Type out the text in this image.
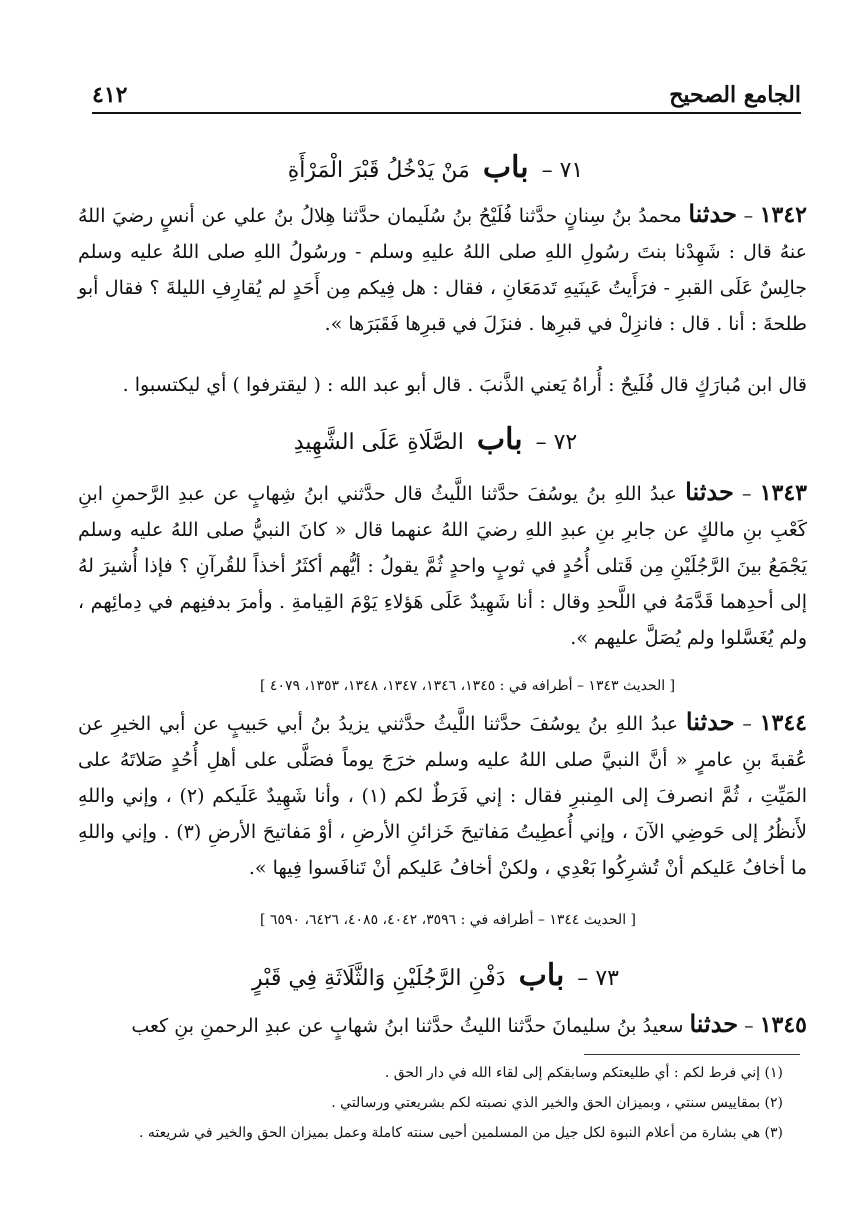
٤١٢	الجامع الصحيح
٧١ – باب مَنْ يَدْخُلُ قَبْرَ الْمَرْأَةِ
١٣٤٢ – حدثنا محمدُ بنُ سِنانٍ حدَّثنا فُلَيْحُ بنُ سُلَيمان حدَّثنا هِلالُ بنُ علي عن أنسٍ رضيَ اللهُ عنهُ قال : شَهِدْنا بنتَ رسُولِ اللهِ صلى اللهُ عليهِ وسلم - ورسُولُ اللهِ صلى اللهُ عليه وسلم جالِسٌ عَلَى القبرِ - فرَأَيتُ عَينَيهِ تَدمَعَانِ ، فقال : هل فِيكم مِن أَحَدٍ لم يُقارِفِ الليلةَ ؟ فقال أبو طلحةَ : أنا . قال : فانزِلْ في قبرِها . فنزَلَ في قبرِها فَقَبَرَها ».
قال ابن مُبارَكٍ قال فُلَيحٌ : أُراهُ يَعني الذَّنبَ . قال أبو عبد الله : ( ليقترفوا ) أي ليكتسبوا .
٧٢ – باب الصَّلَاةِ عَلَى الشَّهِيدِ
١٣٤٣ – حدثنا عبدُ اللهِ بنُ يوسُفَ حدَّثنا اللَّيثُ قال حدَّثني ابنُ شِهابٍ عن عبدِ الرَّحمنِ ابنِ كَعْبِ بنِ مالكٍ عن جابرِ بنِ عبدِ اللهِ رضيَ اللهُ عنهما قال « كانَ النبيُّ صلى اللهُ عليه وسلم يَجْمَعُ بينَ الرَّجُلَيْنِ مِن قَتلى أُحُدٍ في ثوبٍ واحدٍ ثُمَّ يقولُ : أيُّهم أكثَرُ أخذاً للقُرآنِ ؟ فإذا أُشيرَ لهُ إلى أحدِهما قَدَّمَهُ في اللَّحدِ وقال : أنا شَهِيدٌ عَلَى هَؤلاءِ يَوْمَ القِيامةِ . وأمرَ بدفنِهم في دِمائِهم ، ولم يُغَسَّلوا ولم يُصَلَّ عليهم ».
[ الحديث ١٣٤٣ – أطرافه في : ١٣٤٥، ١٣٤٦، ١٣٤٧، ١٣٤٨، ١٣٥٣، ٤٠٧٩ ]
١٣٤٤ – حدثنا عبدُ اللهِ بنُ يوسُفَ حدَّثنا اللَّيثُ حدَّثني يزيدُ بنُ أبي حَبيبٍ عن أبي الخيرِ عن عُقبةَ بنِ عامرٍ « أنَّ النبيَّ صلى اللهُ عليه وسلم خرَجَ يوماً فصَلَّى على أهلِ أُحُدٍ صَلاتَهُ على المَيِّتِ ، ثُمَّ انصرفَ إلى المِنبرِ فقال : إني فَرَطٌ لكم (١) ، وأنا شَهِيدٌ عَلَيكم (٢) ، وإني واللهِ لأَنظُرُ إلى حَوضِي الآنَ ، وإني أُعطِيتُ مَفاتيحَ خَزائنِ الأرضِ ، أوْ مَفاتيحَ الأرضِ (٣) . وإني واللهِ ما أخافُ عَليكم أنْ تُشرِكُوا بَعْدِي ، ولكنْ أخافُ عَليكم أنْ تَنافَسوا فِيها ».
[ الحديث ١٣٤٤ – أطرافه في : ٣٥٩٦، ٤٠٤٢، ٤٠٨٥، ٦٤٢٦، ٦٥٩٠ ]
٧٣ – باب دَفْنِ الرَّجُلَيْنِ وَالثَّلَاثَةِ فِي قَبْرٍ
١٣٤٥ – حدثنا سعيدُ بنُ سليمانَ حدَّثنا الليثُ حدَّثنا ابنُ شهابٍ عن عبدِ الرحمنِ بنِ كعب
(١) إني فرط لكم : أي طليعتكم وسابقكم إلى لقاء الله في دار الحق .
(٢) بمقاييس سنتي ، وبميزان الحق والخير الذي نصبته لكم بشريعتي ورسالتي .
(٣) هي بشارة من أعلام النبوة لكل جيل من المسلمين أحيى سنته كاملة وعمل بميزان الحق والخير في شريعته .
